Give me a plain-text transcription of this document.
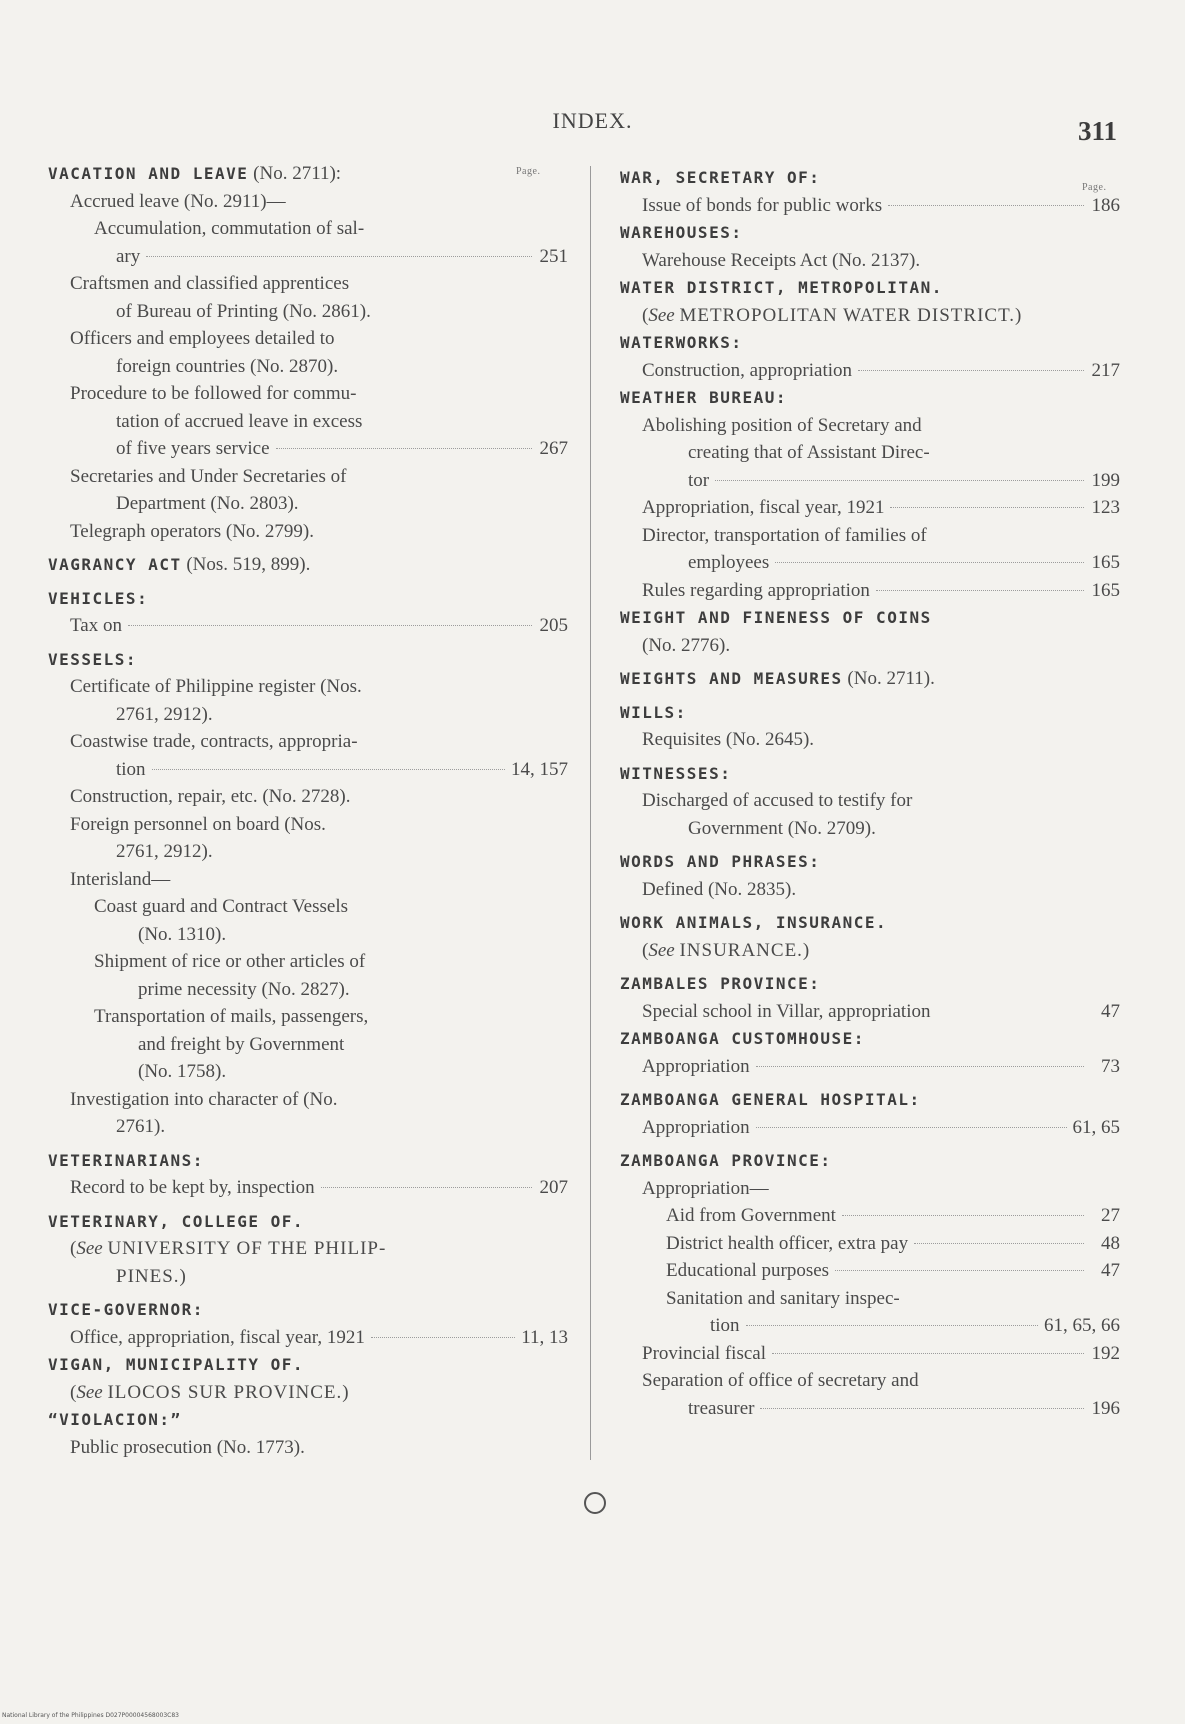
INDEX.	311
Page.
Page.
VACATION AND LEAVE (No. 2711):
Accrued leave (No. 2911)—
Accumulation, commutation of sal-
ary	251
Craftsmen and classified apprentices
of Bureau of Printing (No. 2861).
Officers and employees detailed to
foreign countries (No. 2870).
Procedure to be followed for commu-
tation of accrued leave in excess
of five years service	267
Secretaries and Under Secretaries of
Department (No. 2803).
Telegraph operators (No. 2799).
VAGRANCY ACT (Nos. 519, 899).
VEHICLES:
Tax on	205
VESSELS:
Certificate of Philippine register (Nos.
2761, 2912).
Coastwise trade, contracts, appropria-
tion	14, 157
Construction, repair, etc. (No. 2728).
Foreign personnel on board (Nos.
2761, 2912).
Interisland—
Coast guard and Contract Vessels
(No. 1310).
Shipment of rice or other articles of
prime necessity (No. 2827).
Transportation of mails, passengers,
and freight by Government
(No. 1758).
Investigation into character of (No.
2761).
VETERINARIANS:
Record to be kept by, inspection	207
VETERINARY, COLLEGE OF.
(See UNIVERSITY OF THE PHILIP-
PINES.)
VICE-GOVERNOR:
Office, appropriation, fiscal year, 1921	11, 13
VIGAN, MUNICIPALITY OF.
(See ILOCOS SUR PROVINCE.)
“VIOLACION:”
Public prosecution (No. 1773).
WAR, SECRETARY OF:
Issue of bonds for public works	186
WAREHOUSES:
Warehouse Receipts Act (No. 2137).
WATER DISTRICT, METROPOLITAN.
(See METROPOLITAN WATER DISTRICT.)
WATERWORKS:
Construction, appropriation	217
WEATHER BUREAU:
Abolishing position of Secretary and
creating that of Assistant Direc-
tor	199
Appropriation, fiscal year, 1921	123
Director, transportation of families of
employees	165
Rules regarding appropriation	165
WEIGHT AND FINENESS OF COINS
(No. 2776).
WEIGHTS AND MEASURES (No. 2711).
WILLS:
Requisites (No. 2645).
WITNESSES:
Discharged of accused to testify for
Government (No. 2709).
WORDS AND PHRASES:
Defined (No. 2835).
WORK ANIMALS, INSURANCE.
(See INSURANCE.)
ZAMBALES PROVINCE:
Special school in Villar, appropriation	47
ZAMBOANGA CUSTOMHOUSE:
Appropriation	73
ZAMBOANGA GENERAL HOSPITAL:
Appropriation	61, 65
ZAMBOANGA PROVINCE:
Appropriation—
Aid from Government	27
District health officer, extra pay	48
Educational purposes	47
Sanitation and sanitary inspec-
tion	61, 65, 66
Provincial fiscal	192
Separation of office of secretary and
treasurer	196
National Library of the Philippines D027P00004568003C83
